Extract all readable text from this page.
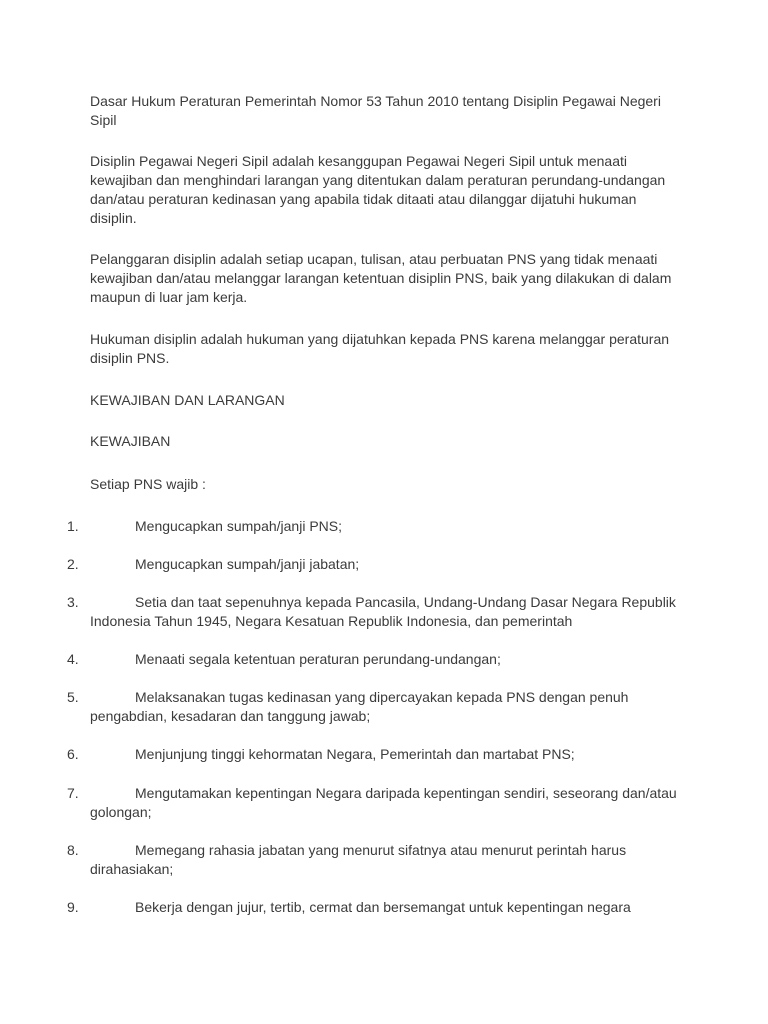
Dasar Hukum Peraturan Pemerintah Nomor 53 Tahun 2010 tentang Disiplin Pegawai Negeri Sipil

Disiplin Pegawai Negeri Sipil adalah kesanggupan Pegawai Negeri Sipil untuk menaati kewajiban dan menghindari larangan yang ditentukan dalam peraturan perundang-undangan dan/atau peraturan kedinasan yang apabila tidak ditaati atau dilanggar dijatuhi hukuman disiplin.

Pelanggaran disiplin adalah setiap ucapan, tulisan, atau perbuatan PNS yang tidak menaati kewajiban dan/atau melanggar larangan ketentuan disiplin PNS, baik yang dilakukan di dalam maupun di luar jam kerja.

Hukuman disiplin adalah hukuman yang dijatuhkan kepada PNS karena melanggar peraturan disiplin PNS.

KEWAJIBAN DAN LARANGAN

KEWAJIBAN

Setiap PNS wajib :

1.	Mengucapkan sumpah/janji PNS;

2.	Mengucapkan sumpah/janji jabatan;

3.	Setia dan taat sepenuhnya kepada Pancasila, Undang-Undang Dasar Negara Republik Indonesia Tahun 1945, Negara Kesatuan Republik Indonesia, dan pemerintah

4.	Menaati segala ketentuan peraturan perundang-undangan;

5.	Melaksanakan tugas kedinasan yang dipercayakan kepada PNS dengan penuh pengabdian, kesadaran dan tanggung jawab;

6.	Menjunjung tinggi kehormatan Negara, Pemerintah dan martabat PNS;

7.	Mengutamakan kepentingan Negara daripada kepentingan sendiri, seseorang dan/atau golongan;

8.	Memegang rahasia jabatan yang menurut sifatnya atau menurut perintah harus dirahasiakan;

9.	Bekerja dengan jujur, tertib, cermat dan bersemangat untuk kepentingan negara
